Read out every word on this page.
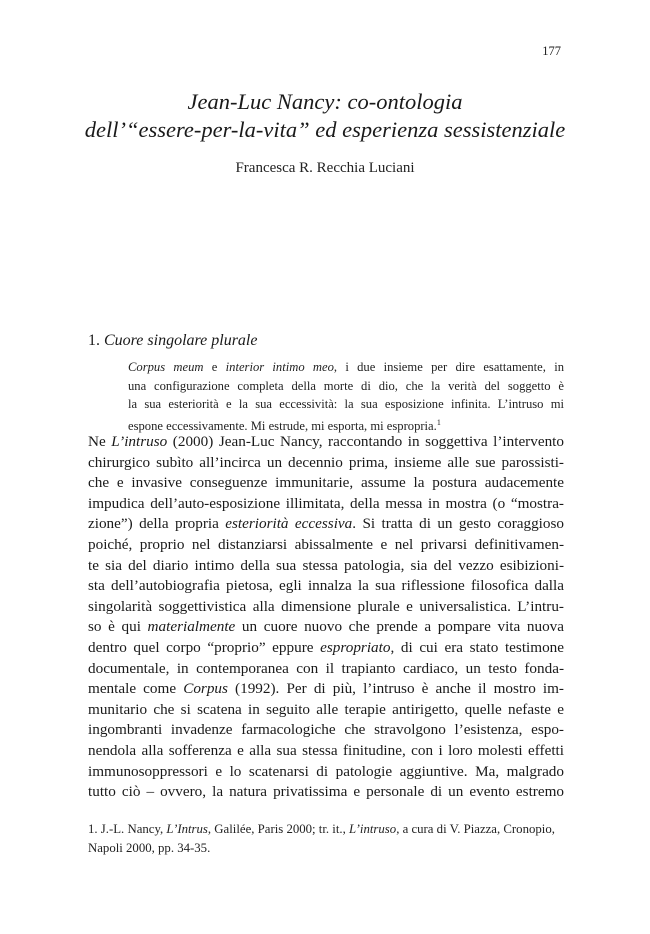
177
Jean-Luc Nancy: co-ontologia
dell’“essere-per-la-vita” ed esperienza sessistenziale
Francesca R. Recchia Luciani
1. Cuore singolare plurale
Corpus meum e interior intimo meo, i due insieme per dire esattamente, in
una configurazione completa della morte di dio, che la verità del soggetto è
la sua esteriorità e la sua eccessività: la sua esposizione infinita. L’intruso mi
espone eccessivamente. Mi estrude, mi esporta, mi espropria.$^1$
Ne L’intruso (2000) Jean-Luc Nancy, raccontando in soggettiva l’intervento
chirurgico subìto all’incirca un decennio prima, insieme alle sue parossisti-
che e invasive conseguenze immunitarie, assume la postura audacemente
impudica dell’auto-esposizione illimitata, della messa in mostra (o “mostra-
zione”) della propria esteriorità eccessiva. Si tratta di un gesto coraggioso
poiché, proprio nel distanziarsi abissalmente e nel privarsi definitivamen-
te sia del diario intimo della sua stessa patologia, sia del vezzo esibizioni-
sta dell’autobiografia pietosa, egli innalza la sua riflessione filosofica dalla
singolarità soggettivistica alla dimensione plurale e universalistica. L’intru-
so è qui materialmente un cuore nuovo che prende a pompare vita nuova
dentro quel corpo “proprio” eppure espropriato, di cui era stato testimone
documentale, in contemporanea con il trapianto cardiaco, un testo fonda-
mentale come Corpus (1992). Per di più, l’intruso è anche il mostro im-
munitario che si scatena in seguito alle terapie antirigetto, quelle nefaste e
ingombranti invadenze farmacologiche che stravolgono l’esistenza, espo-
nendola alla sofferenza e alla sua stessa finitudine, con i loro molesti effetti
immunosoppressori e lo scatenarsi di patologie aggiuntive. Ma, malgrado
tutto ciò – ovvero, la natura privatissima e personale di un evento estremo
1. J.-L. Nancy, L’Intrus, Galilée, Paris 2000; tr. it., L’intruso, a cura di V. Piazza, Cronopio,
Napoli 2000, pp. 34-35.
